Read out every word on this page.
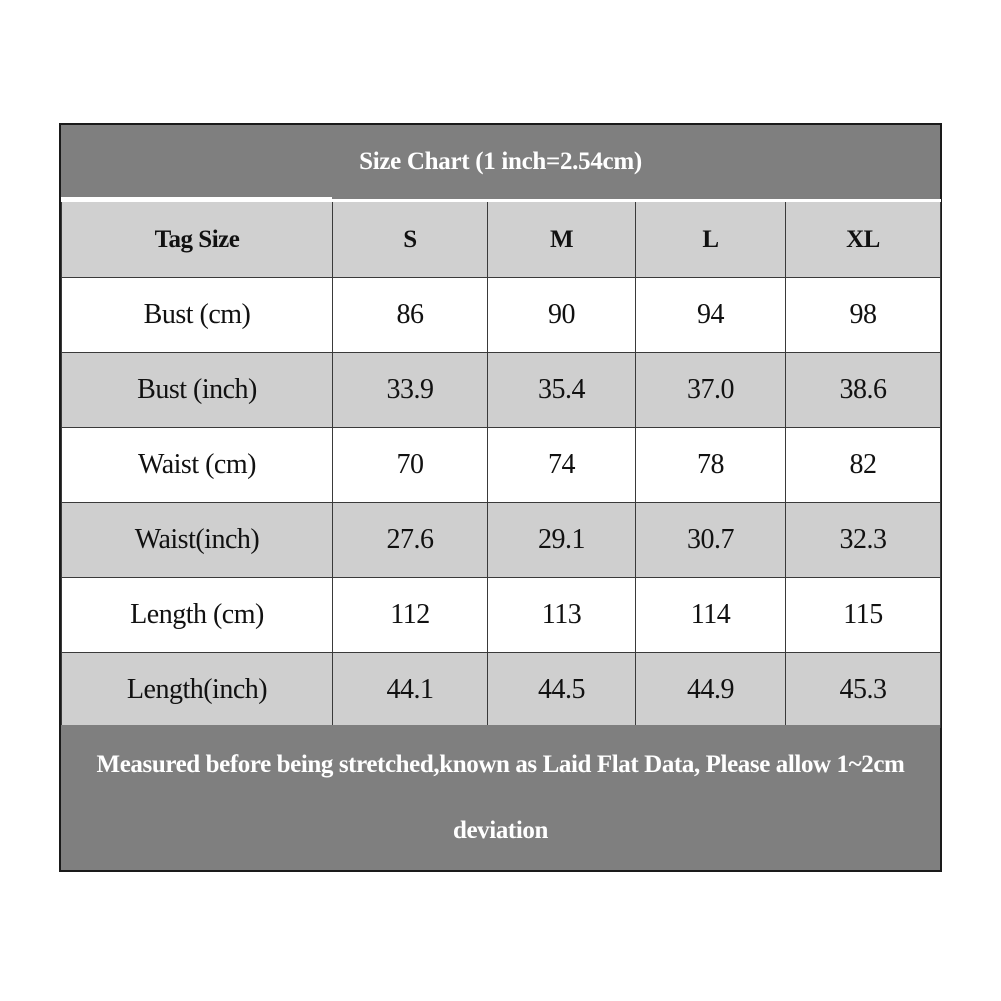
Size Chart (1 inch=2.54cm)
Tag Size	S	M	L	XL
Bust (cm)	86	90	94	98
Bust (inch)	33.9	35.4	37.0	38.6
Waist (cm)	70	74	78	82
Waist(inch)	27.6	29.1	30.7	32.3
Length (cm)	112	113	114	115
Length(inch)	44.1	44.5	44.9	45.3
Measured before being stretched,known as Laid Flat Data, Please allow 1~2cm deviation
